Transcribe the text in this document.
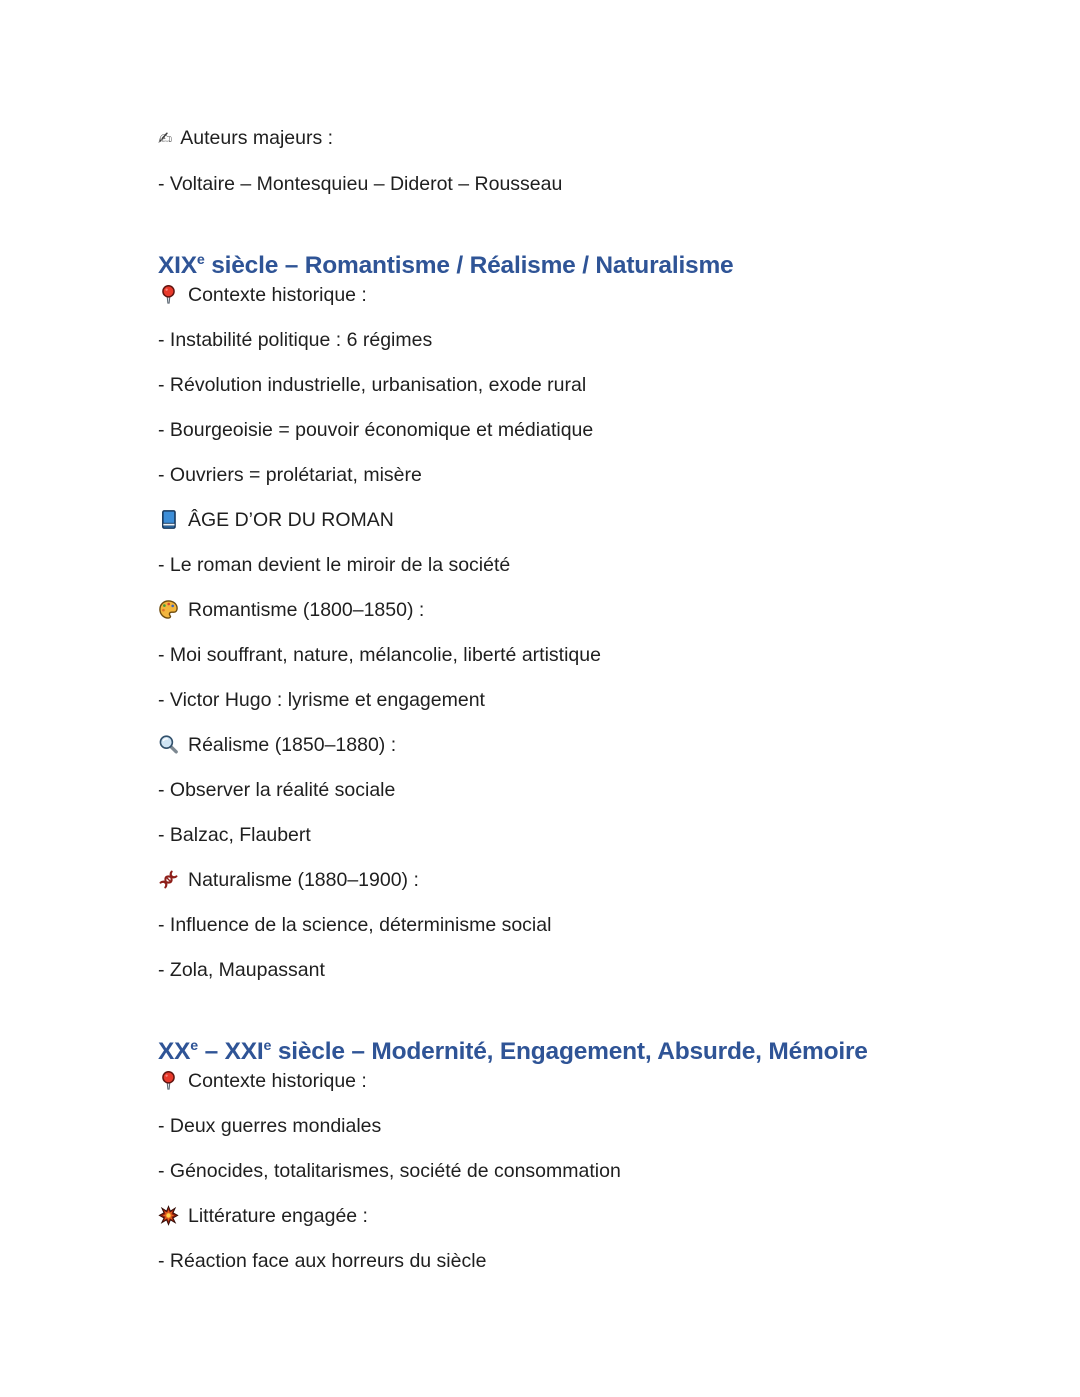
✍ Auteurs majeurs :

- Voltaire – Montesquieu – Diderot – Rousseau

XIXe siècle – Romantisme / Réalisme / Naturalisme

Contexte historique :

- Instabilité politique : 6 régimes

- Révolution industrielle, urbanisation, exode rural

- Bourgeoisie = pouvoir économique et médiatique

- Ouvriers = prolétariat, misère

ÂGE D’OR DU ROMAN

- Le roman devient le miroir de la société

Romantisme (1800–1850) :

- Moi souffrant, nature, mélancolie, liberté artistique

- Victor Hugo : lyrisme et engagement

Réalisme (1850–1880) :

- Observer la réalité sociale

- Balzac, Flaubert

Naturalisme (1880–1900) :

- Influence de la science, déterminisme social

- Zola, Maupassant

XXe – XXIe siècle – Modernité, Engagement, Absurde, Mémoire

Contexte historique :

- Deux guerres mondiales

- Génocides, totalitarismes, société de consommation

Littérature engagée :

- Réaction face aux horreurs du siècle
